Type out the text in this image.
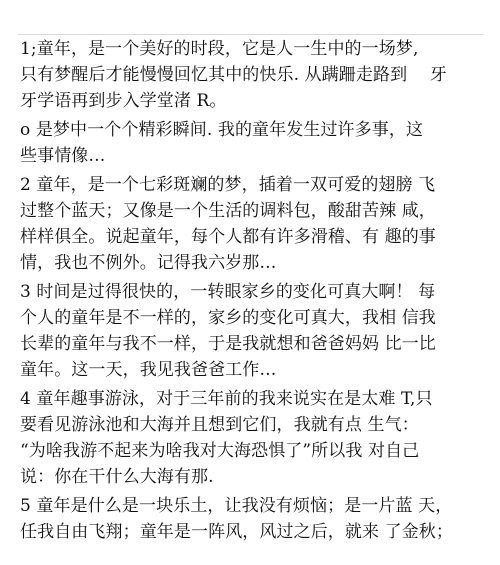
1;童年，是一个美好的时段，它是人一生中的一场梦,
只有梦醒后才能慢慢回忆其中的快乐. 从蹒跚走路到　 牙
牙学语再到步入学堂渚 R。
o 是梦中一个个精彩瞬间. 我的童年发生过许多事，这
些事情像…
2 童年，是一个七彩斑斓的梦，插着一双可爱的翅膀 飞
过整个蓝天；又像是一个生活的调料包，酸甜苦辣 咸，
样样俱全。说起童年，每个人都有许多滑稽、有 趣的事
情，我也不例外。记得我六岁那…
3 时间是过得很快的，一转眼家乡的变化可真大啊！ 每
个人的童年是不一样的，家乡的变化可真大，我相 信我
长辈的童年与我不一样，于是我就想和爸爸妈妈 比一比
童年。这一天，我见我爸爸工作…
4 童年趣事游泳，对于三年前的我来说实在是太难 T,只
要看见游泳池和大海并且想到它们，我就有点 生气：
“为啥我游不起来为啥我对大海恐惧了”所以我 对自己
说：你在干什么大海有那.
5 童年是什么是一块乐土，让我没有烦恼；是一片蓝 天，
任我自由飞翔；童年是一阵风，风过之后，就来 了金秋；
